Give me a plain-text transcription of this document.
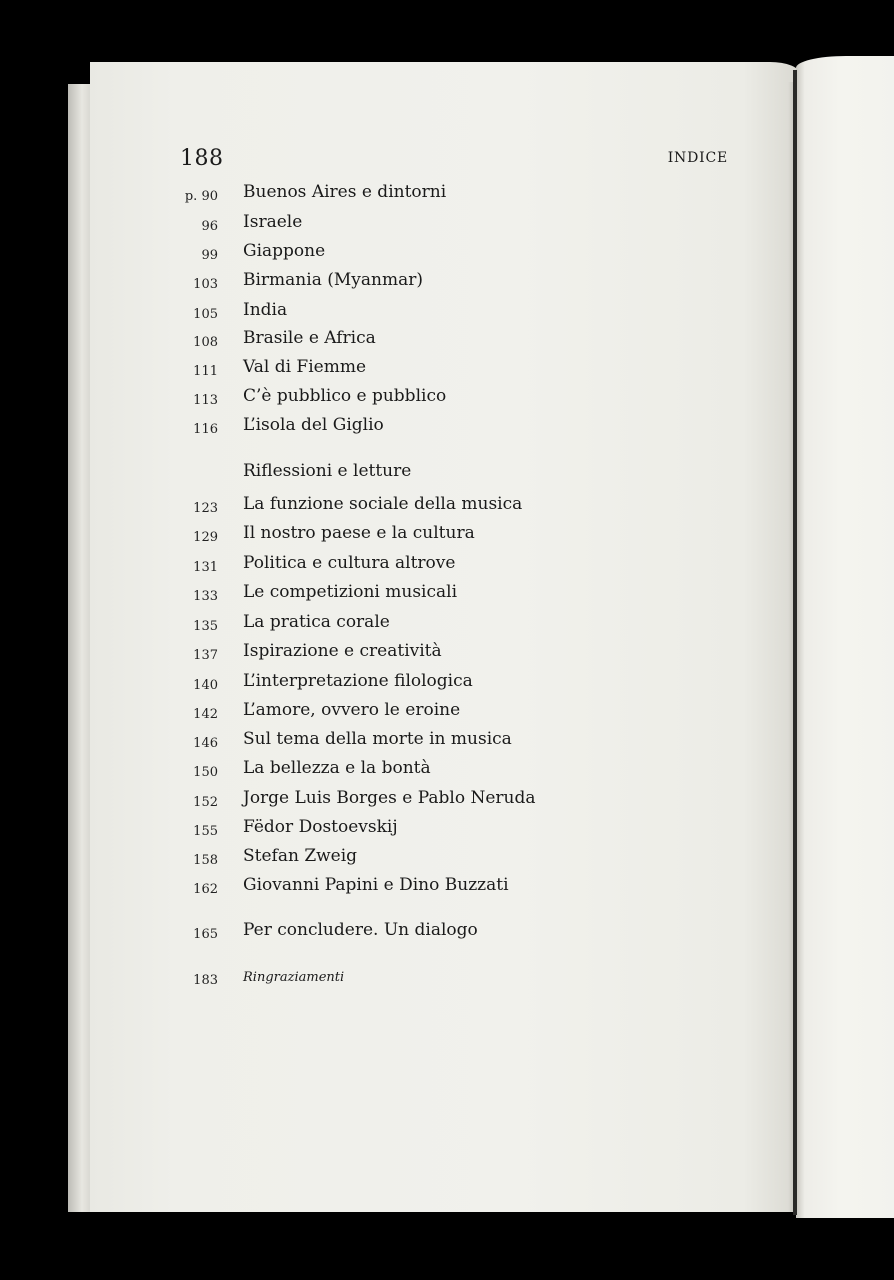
188	INDICE
p. 90 Buenos Aires e dintorni
96 Israele
99 Giappone
103 Birmania (Myanmar)
105 India
108 Brasile e Africa
111 Val di Fiemme
113 C’è pubblico e pubblico
116 L’isola del Giglio
Riflessioni e letture
123 La funzione sociale della musica
129 Il nostro paese e la cultura
131 Politica e cultura altrove
133 Le competizioni musicali
135 La pratica corale
137 Ispirazione e creatività
140 L’interpretazione filologica
142 L’amore, ovvero le eroine
146 Sul tema della morte in musica
150 La bellezza e la bontà
152 Jorge Luis Borges e Pablo Neruda
155 Fëdor Dostoevskij
158 Stefan Zweig
162 Giovanni Papini e Dino Buzzati
165 Per concludere. Un dialogo
183 Ringraziamenti
